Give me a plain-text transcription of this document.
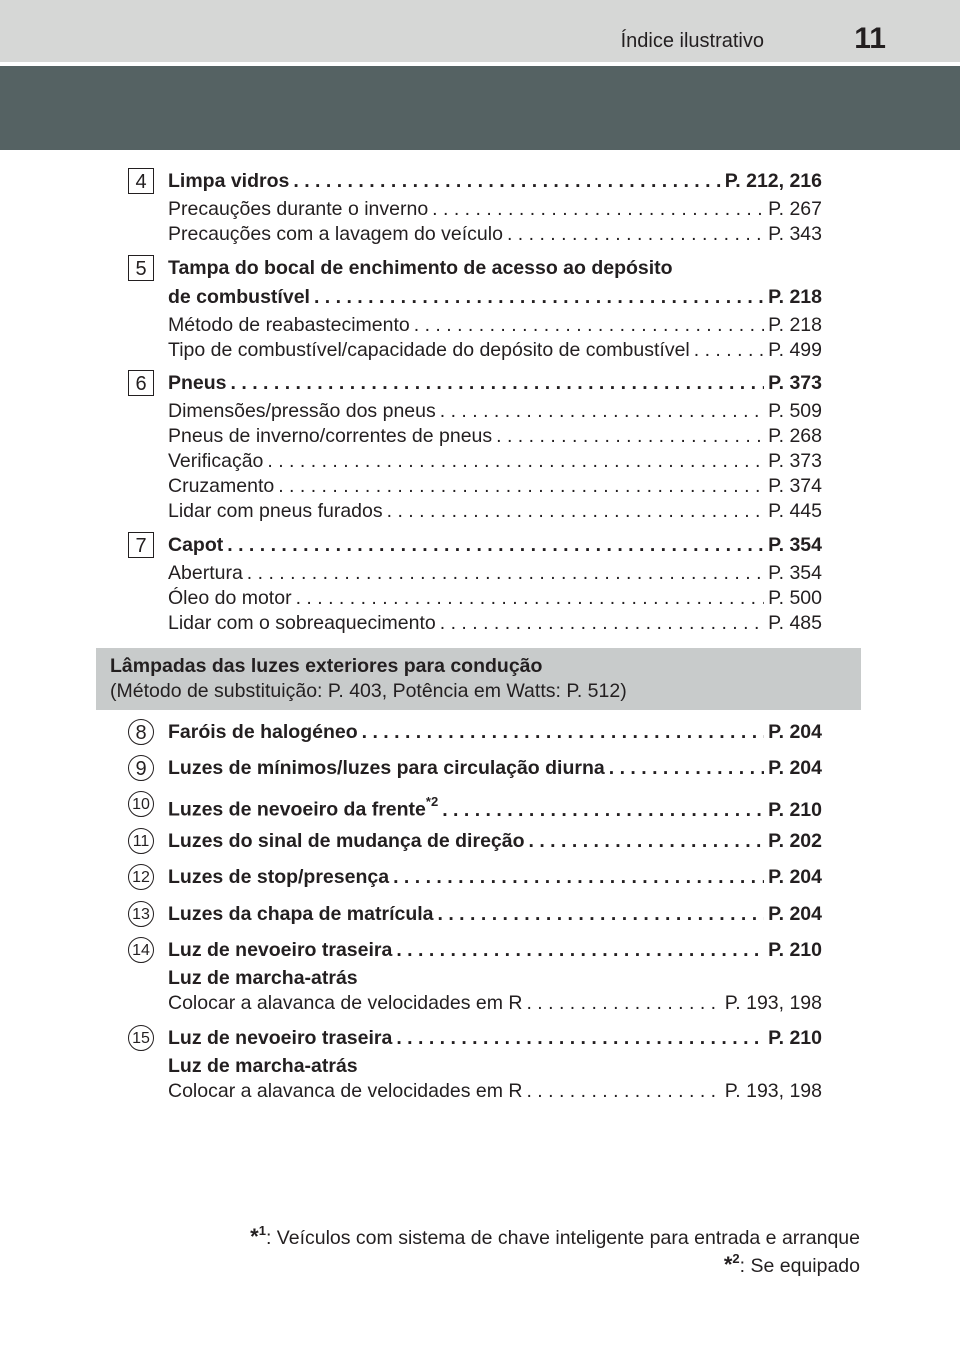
Índice ilustrativo	11
4	Limpa vidros . . .	P. 212, 216
Precauções durante o inverno . . .	P. 267
Precauções com a lavagem do veículo . . .	P. 343
5	Tampa do bocal de enchimento de acesso ao depósito
de combustível . . .	P. 218
Método de reabastecimento . . .	P. 218
Tipo de combustível/capacidade do depósito de combustível . . .	P. 499
6	Pneus . . .	P. 373
Dimensões/pressão dos pneus . . .	P. 509
Pneus de inverno/correntes de pneus . . .	P. 268
Verificação . . .	P. 373
Cruzamento . . .	P. 374
Lidar com pneus furados . . .	P. 445
7	Capot . . .	P. 354
Abertura . . .	P. 354
Óleo do motor . . .	P. 500
Lidar com o sobreaquecimento . . .	P. 485
Lâmpadas das luzes exteriores para condução
(Método de substituição: P. 403, Potência em Watts: P. 512)
8	Faróis de halogéneo . . .	P. 204
9	Luzes de mínimos/luzes para circulação diurna . . .	P. 204
10 Luzes de nevoeiro da frente$^{*2}$ . . .	P. 210
11 Luzes do sinal de mudança de direção . . .	P. 202
12 Luzes de stop/presença . . .	P. 204
13 Luzes da chapa de matrícula . . .	P. 204
14 Luz de nevoeiro traseira . . .	P. 210
Luz de marcha-atrás
Colocar a alavanca de velocidades em R . . .	P. 193, 198
15 Luz de nevoeiro traseira . . .	P. 210
Luz de marcha-atrás
Colocar a alavanca de velocidades em R . . .	P. 193, 198
*$^1$: Veículos com sistema de chave inteligente para entrada e arranque
*$^2$: Se equipado
